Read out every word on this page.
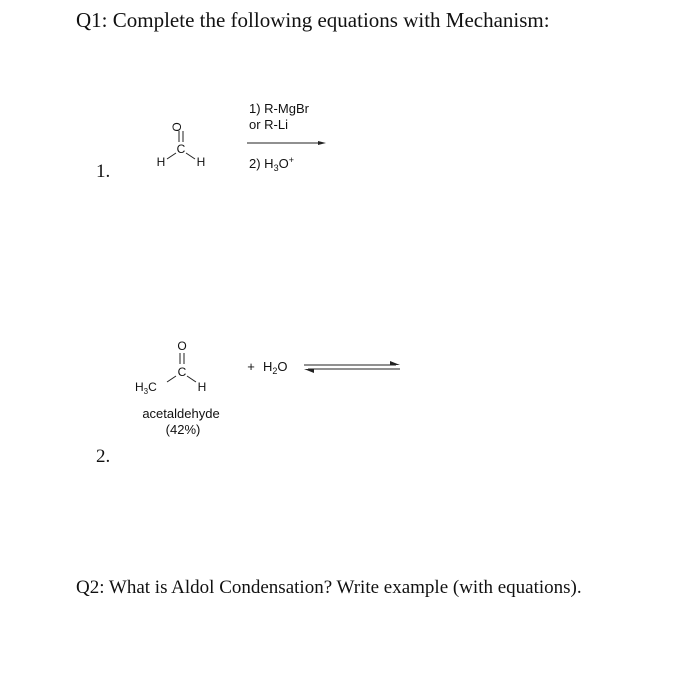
Q1: Complete the following equations with Mechanism:
1.
2.
Q2: What is Aldol Condensation? Write example (with equations).
O
C
H	H
1) R-MgBr
or R-Li
2) $H_3O^+$
O
C
$H_3C$	H
acetaldehyde
(42%)
+ $H_2O$
